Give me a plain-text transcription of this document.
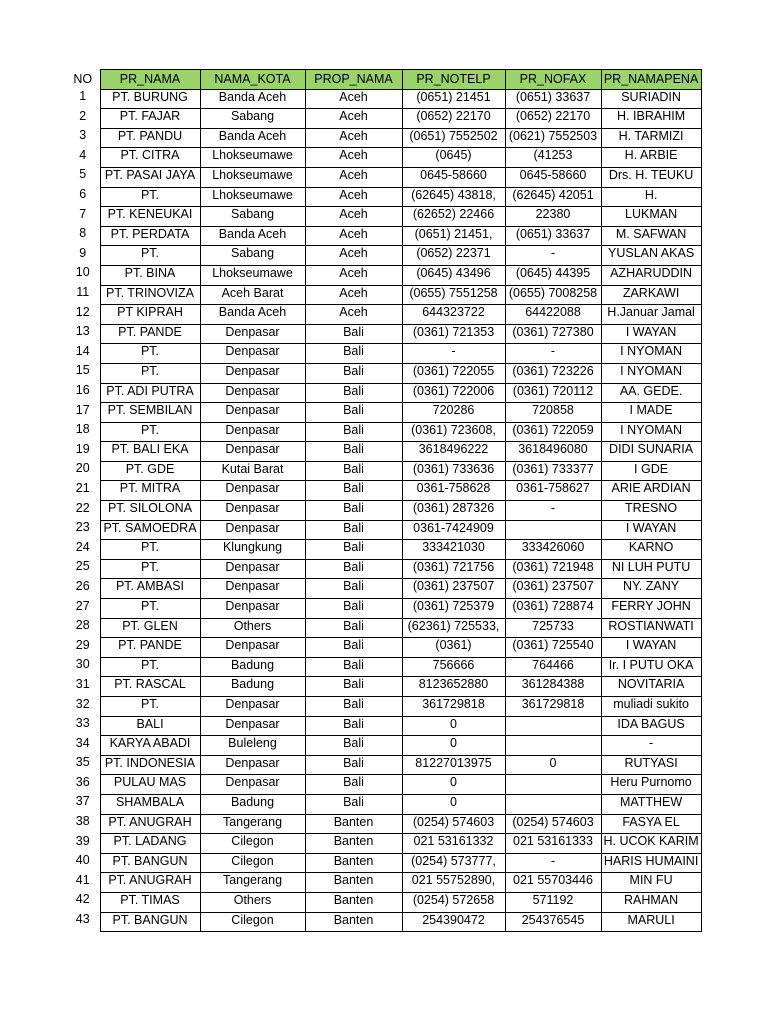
NO	PR_NAMA	NAMA_KOTA	PROP_NAMA	PR_NOTELP	PR_NOFAX	PR_NAMAPENA
1	PT. BURUNG	Banda Aceh	Aceh	(0651) 21451	(0651) 33637	SURIADIN
2	PT. FAJAR	Sabang	Aceh	(0652) 22170	(0652) 22170	H. IBRAHIM
3	PT. PANDU	Banda Aceh	Aceh	(0651) 7552502	(0621) 7552503	H. TARMIZI
4	PT. CITRA	Lhokseumawe	Aceh	(0645)	(41253	H. ARBIE
5	PT. PASAI JAYA	Lhokseumawe	Aceh	0645-58660	0645-58660	Drs. H. TEUKU
6	PT.	Lhokseumawe	Aceh	(62645) 43818,	(62645) 42051	H.
7	PT. KENEUKAI	Sabang	Aceh	(62652) 22466	22380	LUKMAN
8	PT. PERDATA	Banda Aceh	Aceh	(0651) 21451,	(0651) 33637	M. SAFWAN
9	PT.	Sabang	Aceh	(0652) 22371	-	YUSLAN AKAS
10	PT. BINA	Lhokseumawe	Aceh	(0645) 43496	(0645) 44395	AZHARUDDIN
11	PT. TRINOVIZA	Aceh Barat	Aceh	(0655) 7551258	(0655) 7008258	ZARKAWI
12	PT KIPRAH	Banda Aceh	Aceh	644323722	64422088	H.Januar Jamal
13	PT. PANDE	Denpasar	Bali	(0361) 721353	(0361) 727380	I WAYAN
14	PT.	Denpasar	Bali	-	-	I NYOMAN
15	PT.	Denpasar	Bali	(0361) 722055	(0361) 723226	I NYOMAN
16	PT. ADI PUTRA	Denpasar	Bali	(0361) 722006	(0361) 720112	AA. GEDE.
17	PT. SEMBILAN	Denpasar	Bali	720286	720858	I MADE
18	PT.	Denpasar	Bali	(0361) 723608,	(0361) 722059	I NYOMAN
19	PT. BALI EKA	Denpasar	Bali	3618496222	3618496080	DIDI SUNARIA
20	PT. GDE	Kutai Barat	Bali	(0361) 733636	(0361) 733377	I GDE
21	PT. MITRA	Denpasar	Bali	0361-758628	0361-758627	ARIE ARDIAN
22	PT. SILOLONA	Denpasar	Bali	(0361) 287326	-	TRESNO
23	PT. SAMOEDRA	Denpasar	Bali	0361-7424909		I WAYAN
24	PT.	Klungkung	Bali	333421030	333426060	KARNO
25	PT.	Denpasar	Bali	(0361) 721756	(0361) 721948	NI LUH PUTU
26	PT. AMBASI	Denpasar	Bali	(0361) 237507	(0361) 237507	NY. ZANY
27	PT.	Denpasar	Bali	(0361) 725379	(0361) 728874	FERRY JOHN
28	PT. GLEN	Others	Bali	(62361) 725533,	725733	ROSTIANWATI
29	PT. PANDE	Denpasar	Bali	(0361)	(0361) 725540	I WAYAN
30	PT.	Badung	Bali	756666	764466	Ir. I PUTU OKA
31	PT. RASCAL	Badung	Bali	8123652880	361284388	NOVITARIA
32	PT.	Denpasar	Bali	361729818	361729818	muliadi sukito
33	BALI	Denpasar	Bali	0		IDA BAGUS
34	KARYA ABADI	Buleleng	Bali	0		-
35	PT. INDONESIA	Denpasar	Bali	81227013975	0	RUTYASI
36	PULAU MAS	Denpasar	Bali	0		Heru Purnomo
37	SHAMBALA	Badung	Bali	0		MATTHEW
38	PT. ANUGRAH	Tangerang	Banten	(0254) 574603	(0254) 574603	FASYA EL
39	PT. LADANG	Cilegon	Banten	021 53161332	021 53161333	H. UCOK KARIM
40	PT. BANGUN	Cilegon	Banten	(0254) 573777,	-	HARIS HUMAINI
41	PT. ANUGRAH	Tangerang	Banten	021 55752890,	021 55703446	MIN FU
42	PT. TIMAS	Others	Banten	(0254) 572658	571192	RAHMAN
43	PT. BANGUN	Cilegon	Banten	254390472	254376545	MARULI
